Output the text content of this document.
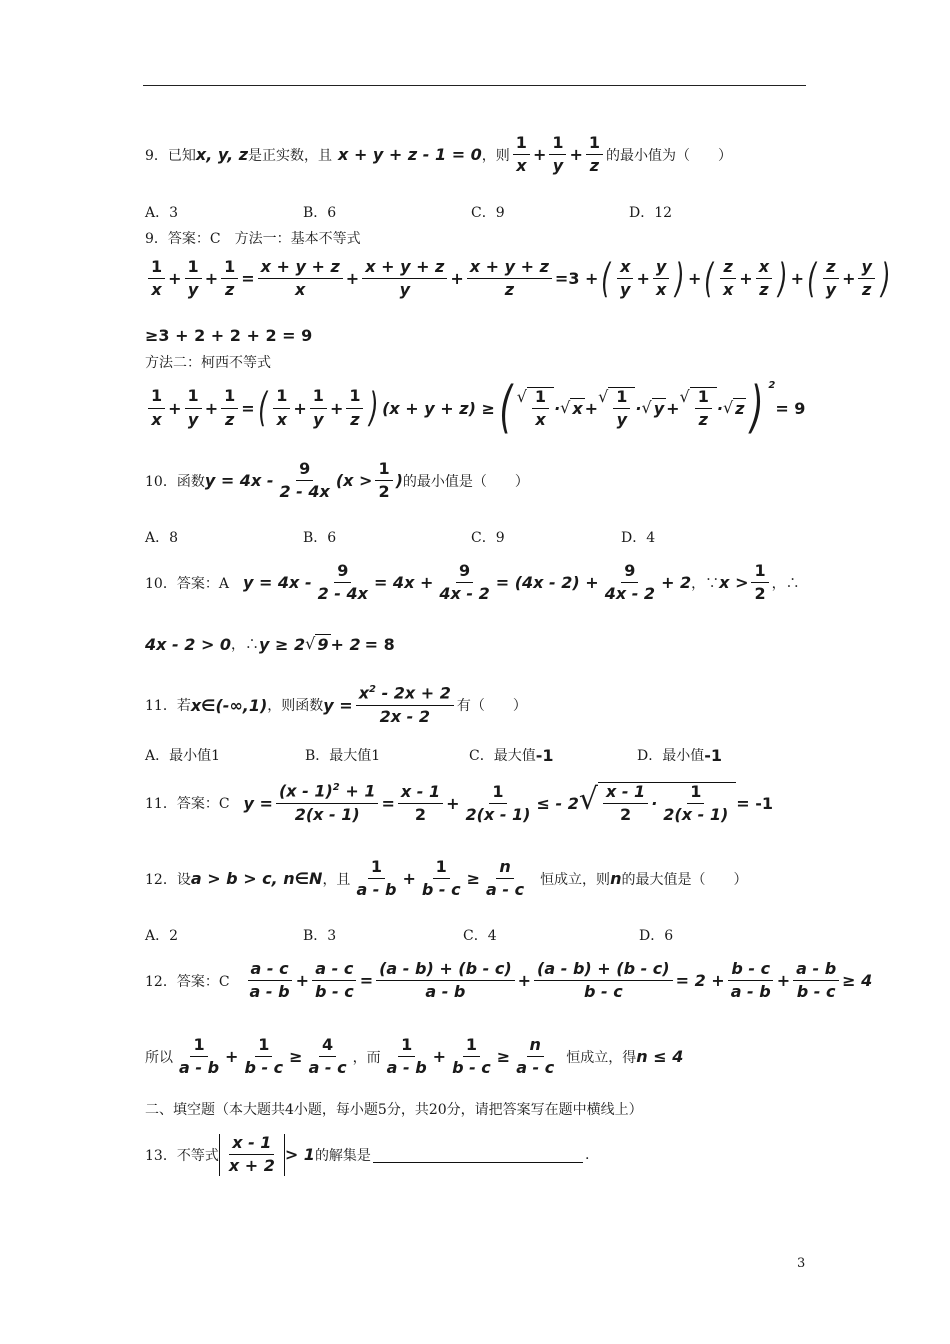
9．已知 x, y, z 是正实数，且 x + y + z - 1 = 0 ，则
1
x
+
1
y
+
1
z
的最小值为（　　）
A．3	B．6	C．9	D．12
9．答案：C　方法一：基本不等式
1
x
+
1
y
+
1
z
=
x + y + z
x
+
x + y + z
y
+ $\frac{x + y + z}{z} =3$ + ( x
y
+
y
x ) + ( z
x
+
x
z ) + ( z
y
+
y
z )
≥3 + 2 + 2 + 2 = 9
方法二：柯西不等式
1
x
+
1
y
+
1
z
= ( 1
x
+
1
y
+
1
z ) (x + y + z) ≥ ( √ 1
x
· √ x +
√ 1
y
· √ y +
√ 1
z
· √ z ) $^2$
= 9
10．函数 y = 4x -
9
2 - 4x
(x >
1
2
) 的最小值是（　　）
A．8	B．6	C．9	D．4
10．答案：A y = 4x -
9
2 - 4x
= 4x +
9
4x - 2
= (4x - 2) +
9
4x - 2
+ 2 ，∵ x >
1
2
，∴
4x - 2 > 0 ，∴ y ≥ 2 √ 9 + 2 = 8
11．若 x∈(-∞,1) ，则函数 y =
$x^2 - 2x + 2$
2x - 2
有（　　）
A．最小值1	B．最大值1	C．最大值 -1	D．最小值 -1
11．答案：C y =
(x - 1)$^2$ + 1
2(x - 1)
=
x - 1
2
+
1
2(x - 1)
≤ - 2 √ x - 1
2
·
1
2(x - 1)
= -1
12．设 a > b > c, n∈N ，且
1
a - b
+
1
b - c
≥
n
a - c
恒成立，则 n 的最大值是（　　）
A．2	B．3	C．4	D．6
12．答案：C
a - c
a - b
+
a - c
b - c
=
(a - b) + (b - c)
a - b
+
(a - b) + (b - c)
b - c
= 2 +
b - c
a - b
+
a - b
b - c
≥ 4
所以
1
a - b
+
1
b - c
≥
4
a - c
，而
1
a - b
+
1
b - c
≥
n
a - c
恒成立，得 n ≤ 4
二、填空题（本大题共4小题，每小题5分，共20分，请把答案写在题中横线上）
13．不等式
x - 1
x + 2
> 1 的解集是	.
3
